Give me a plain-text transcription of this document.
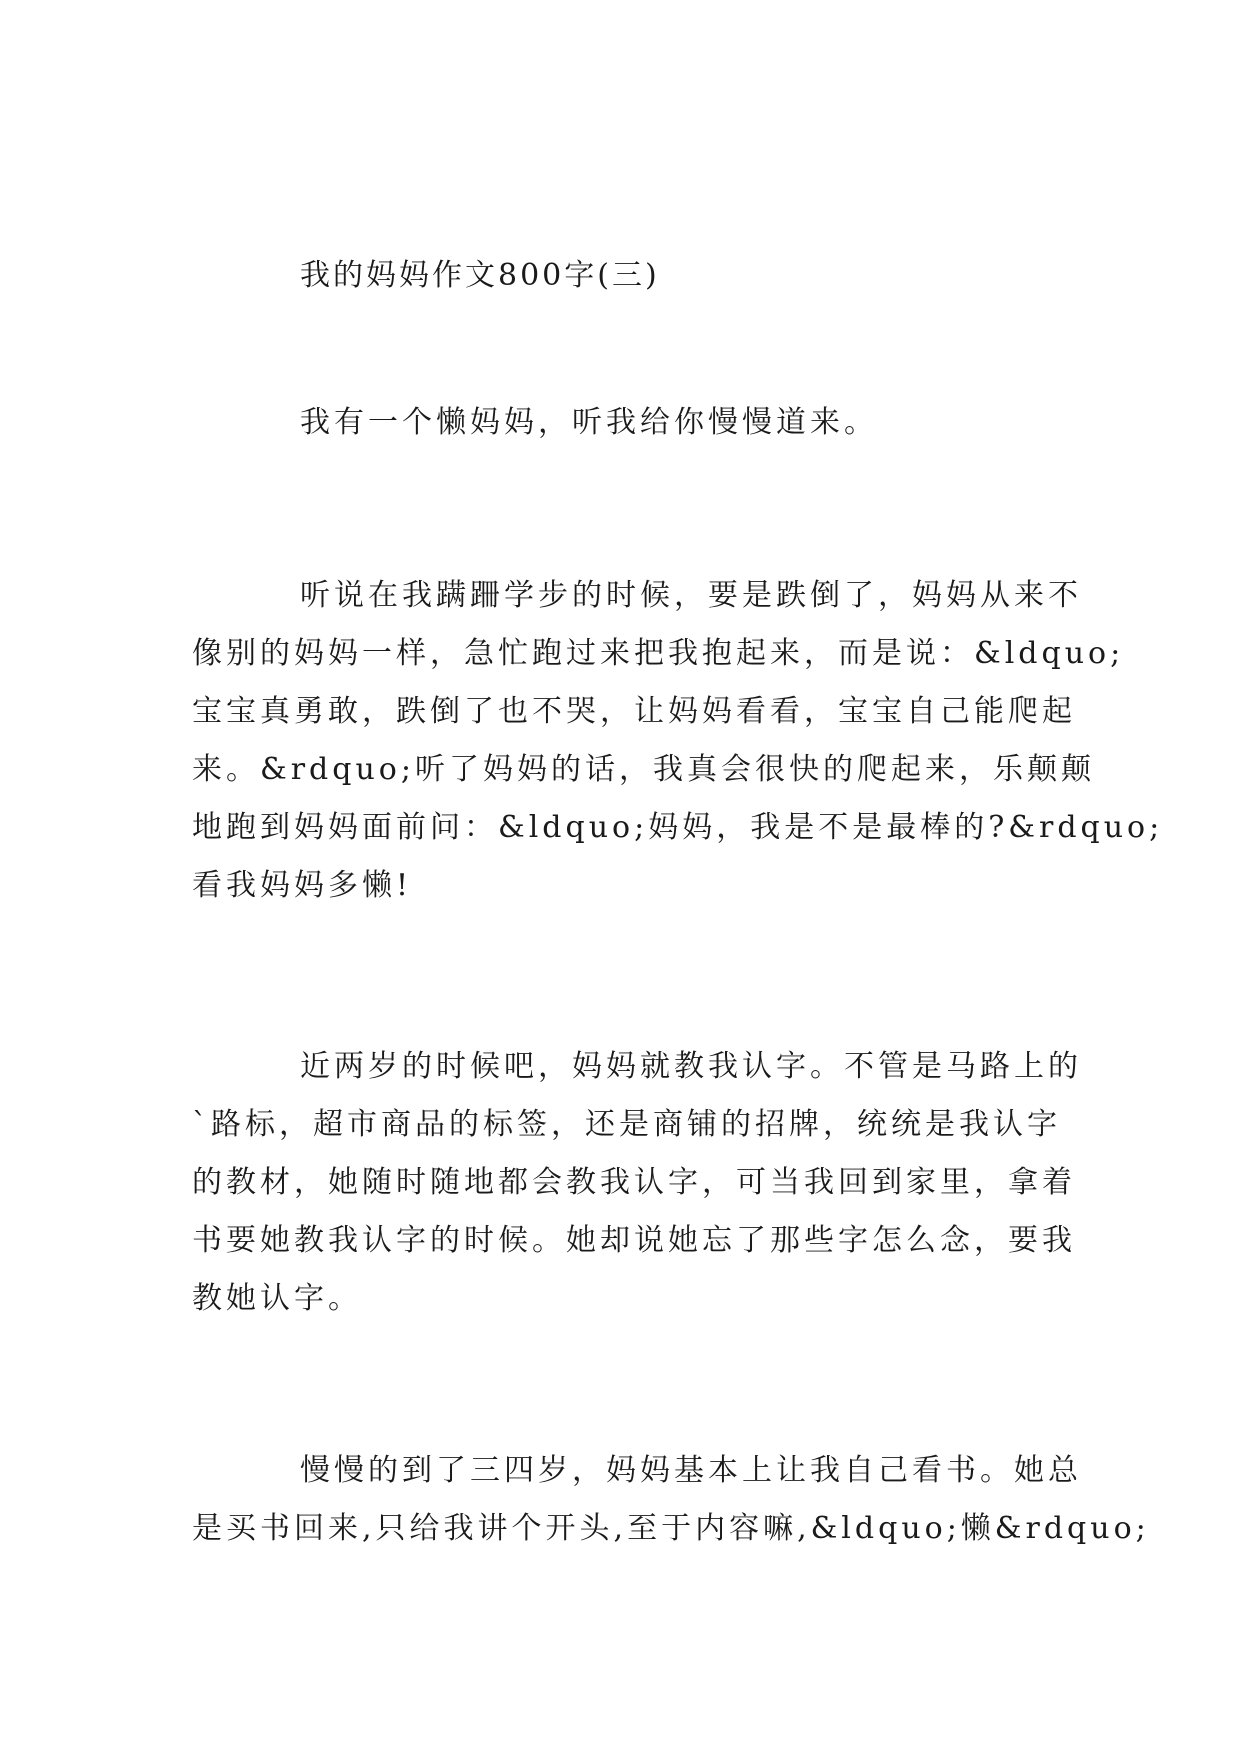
我的妈妈作文800字(三)
我有一个懒妈妈，听我给你慢慢道来。
听说在我蹒跚学步的时候，要是跌倒了，妈妈从来不
像别的妈妈一样，急忙跑过来把我抱起来，而是说：&ldquo;
宝宝真勇敢，跌倒了也不哭，让妈妈看看，宝宝自己能爬起
来。&rdquo;听了妈妈的话，我真会很快的爬起来，乐颠颠
地跑到妈妈面前问：&ldquo;妈妈，我是不是最棒的?&rdquo;
看我妈妈多懒!
近两岁的时候吧，妈妈就教我认字。不管是马路上的
`路标，超市商品的标签，还是商铺的招牌，统统是我认字
的教材，她随时随地都会教我认字，可当我回到家里，拿着
书要她教我认字的时候。她却说她忘了那些字怎么念，要我
教她认字。
慢慢的到了三四岁，妈妈基本上让我自己看书。她总
是买书回来,只给我讲个开头,至于内容嘛,&ldquo;懒&rdquo;
